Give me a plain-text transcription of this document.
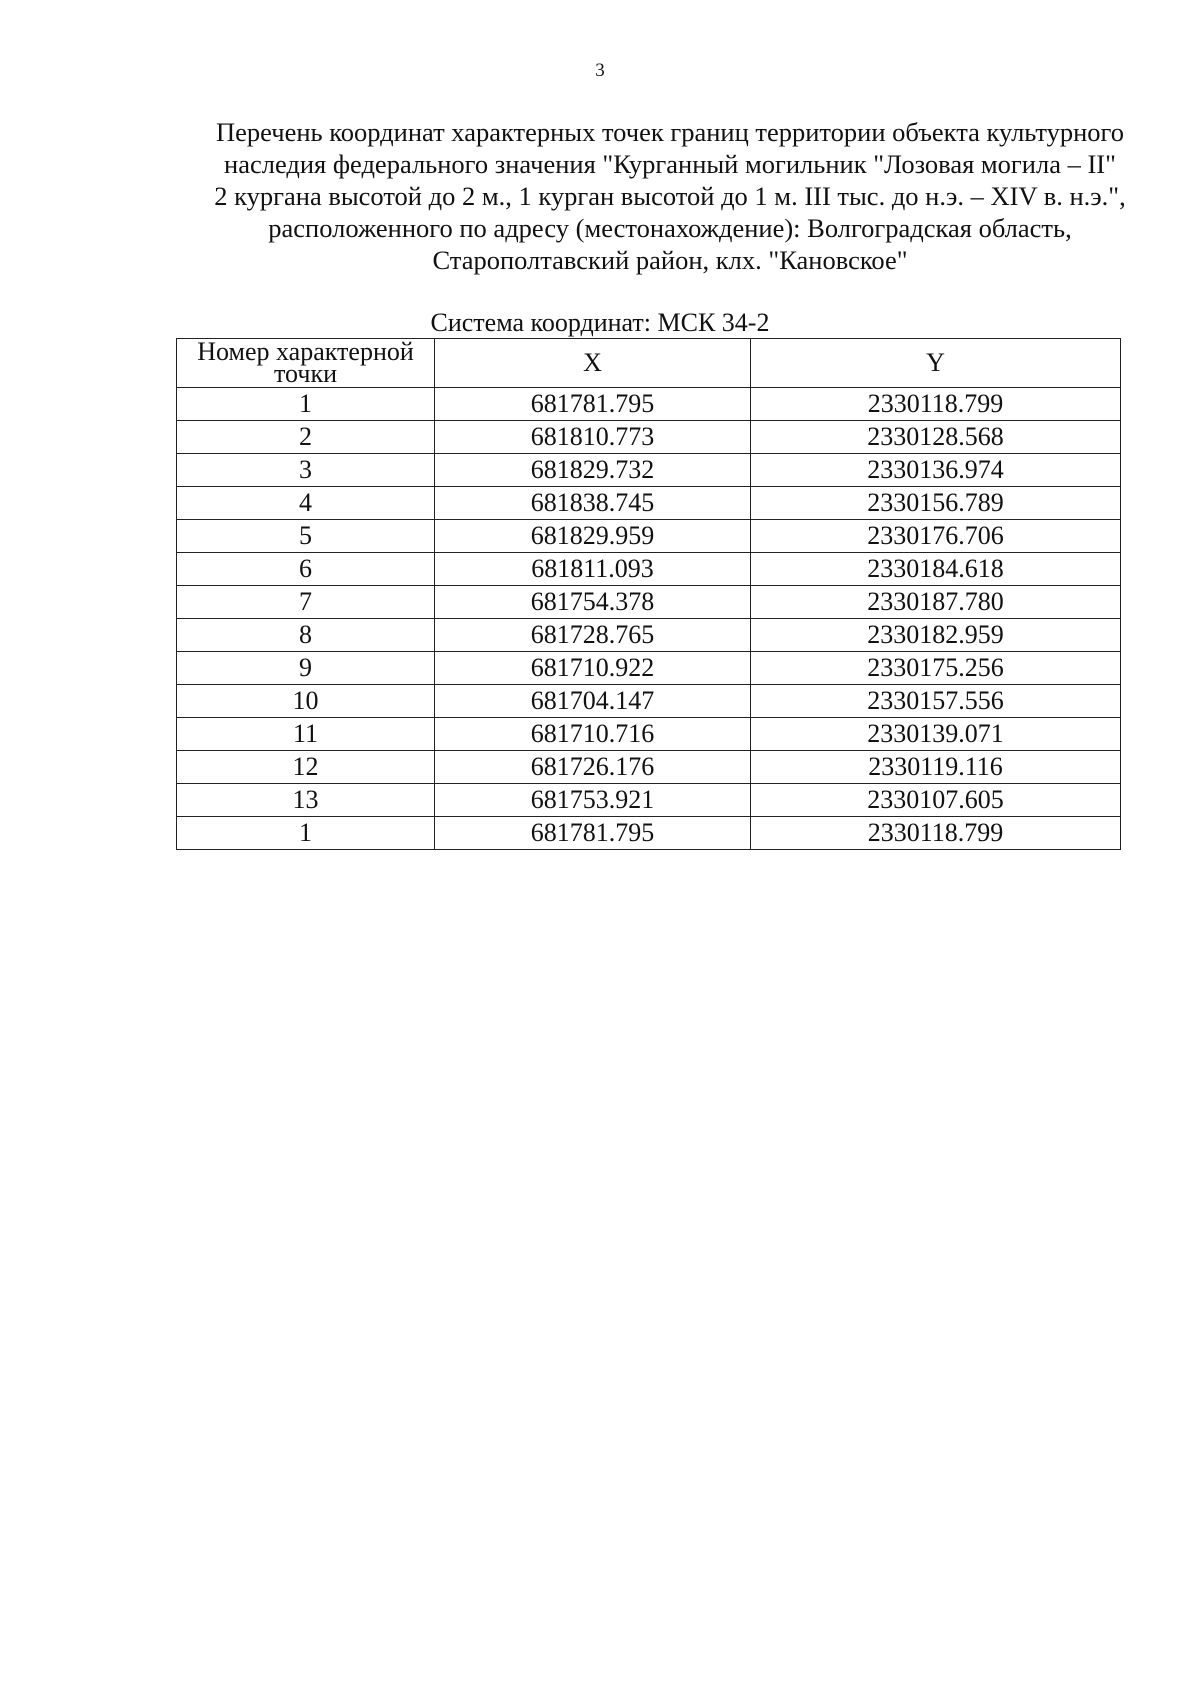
3
Перечень координат характерных точек границ территории объекта культурного
наследия федерального значения "Курганный могильник "Лозовая могила – II"
2 кургана высотой до 2 м., 1 курган высотой до 1 м. III тыс. до н.э. – XIV в. н.э.",
расположенного по адресу (местонахождение): Волгоградская область,
Старополтавский район, клх. "Кановское"
Система координат: МСК 34-2
Номер характерной точки	X	Y
1	681781.795	2330118.799
2	681810.773	2330128.568
3	681829.732	2330136.974
4	681838.745	2330156.789
5	681829.959	2330176.706
6	681811.093	2330184.618
7	681754.378	2330187.780
8	681728.765	2330182.959
9	681710.922	2330175.256
10	681704.147	2330157.556
11	681710.716	2330139.071
12	681726.176	2330119.116
13	681753.921	2330107.605
1	681781.795	2330118.799
